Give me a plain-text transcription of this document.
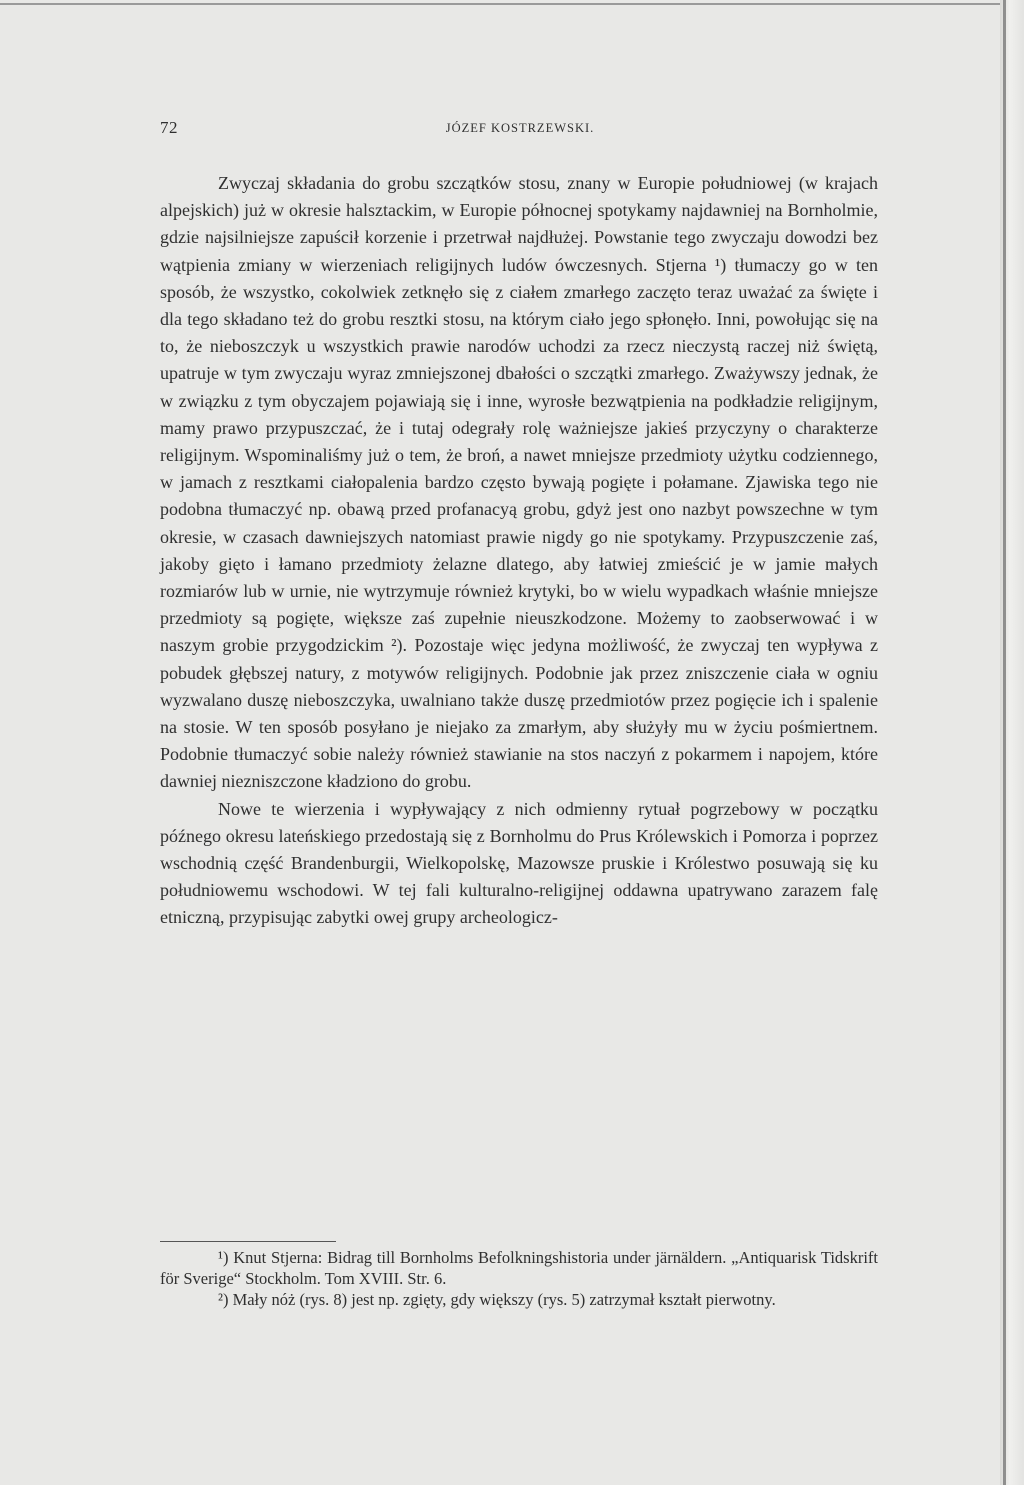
72	JÓZEF KOSTRZEWSKI.

Zwyczaj składania do grobu szczątków stosu, znany w Europie południowej (w krajach alpejskich) już w okresie halsztackim, w Europie północnej spotykamy najdawniej na Bornholmie, gdzie najsilniejsze zapuścił korzenie i przetrwał najdłużej. Powstanie tego zwyczaju dowodzi bez wątpienia zmiany w wierzeniach religijnych ludów ówczesnych. Stjerna ¹) tłumaczy go w ten sposób, że wszystko, cokolwiek zetknęło się z ciałem zmarłego zaczęto teraz uważać za święte i dla tego składano też do grobu resztki stosu, na którym ciało jego spłonęło. Inni, powołując się na to, że nieboszczyk u wszystkich prawie narodów uchodzi za rzecz nieczystą raczej niż świętą, upatruje w tym zwyczaju wyraz zmniejszonej dbałości o szczątki zmarłego. Zważywszy jednak, że w związku z tym obyczajem pojawiają się i inne, wyrosłe bezwątpienia na podkładzie religijnym, mamy prawo przypuszczać, że i tutaj odegrały rolę ważniejsze jakieś przyczyny o charakterze religijnym. Wspominaliśmy już o tem, że broń, a nawet mniejsze przedmioty użytku codziennego, w jamach z resztkami ciałopalenia bardzo często bywają pogięte i połamane. Zjawiska tego nie podobna tłumaczyć np. obawą przed profanacyą grobu, gdyż jest ono nazbyt powszechne w tym okresie, w czasach dawniejszych natomiast prawie nigdy go nie spotykamy. Przypuszczenie zaś, jakoby gięto i łamano przedmioty żelazne dlatego, aby łatwiej zmieścić je w jamie małych rozmiarów lub w urnie, nie wytrzymuje również krytyki, bo w wielu wypadkach właśnie mniejsze przedmioty są pogięte, większe zaś zupełnie nieuszkodzone. Możemy to zaobserwować i w naszym grobie przygodzickim ²). Pozostaje więc jedyna możliwość, że zwyczaj ten wypływa z pobudek głębszej natury, z motywów religijnych. Podobnie jak przez zniszczenie ciała w ogniu wyzwalano duszę nieboszczyka, uwalniano także duszę przedmiotów przez pogięcie ich i spalenie na stosie. W ten sposób posyłano je niejako za zmarłym, aby służyły mu w życiu pośmiertnem. Podobnie tłumaczyć sobie należy również stawianie na stos naczyń z pokarmem i napojem, które dawniej niezniszczone kładziono do grobu.

Nowe te wierzenia i wypływający z nich odmienny rytuał pogrzebowy w początku późnego okresu lateńskiego przedostają się z Bornholmu do Prus Królewskich i Pomorza i poprzez wschodnią część Brandenburgii, Wielkopolskę, Mazowsze pruskie i Królestwo posuwają się ku południowemu wschodowi. W tej fali kulturalno-religijnej oddawna upatrywano zarazem falę etniczną, przypisując zabytki owej grupy archeologicz-

¹) Knut Stjerna: Bidrag till Bornholms Befolkningshistoria under järnäldern. „Antiquarisk Tidskrift för Sverige“ Stockholm. Tom XVIII. Str. 6.

²) Mały nóż (rys. 8) jest np. zgięty, gdy większy (rys. 5) zatrzymał kształt pierwotny.
